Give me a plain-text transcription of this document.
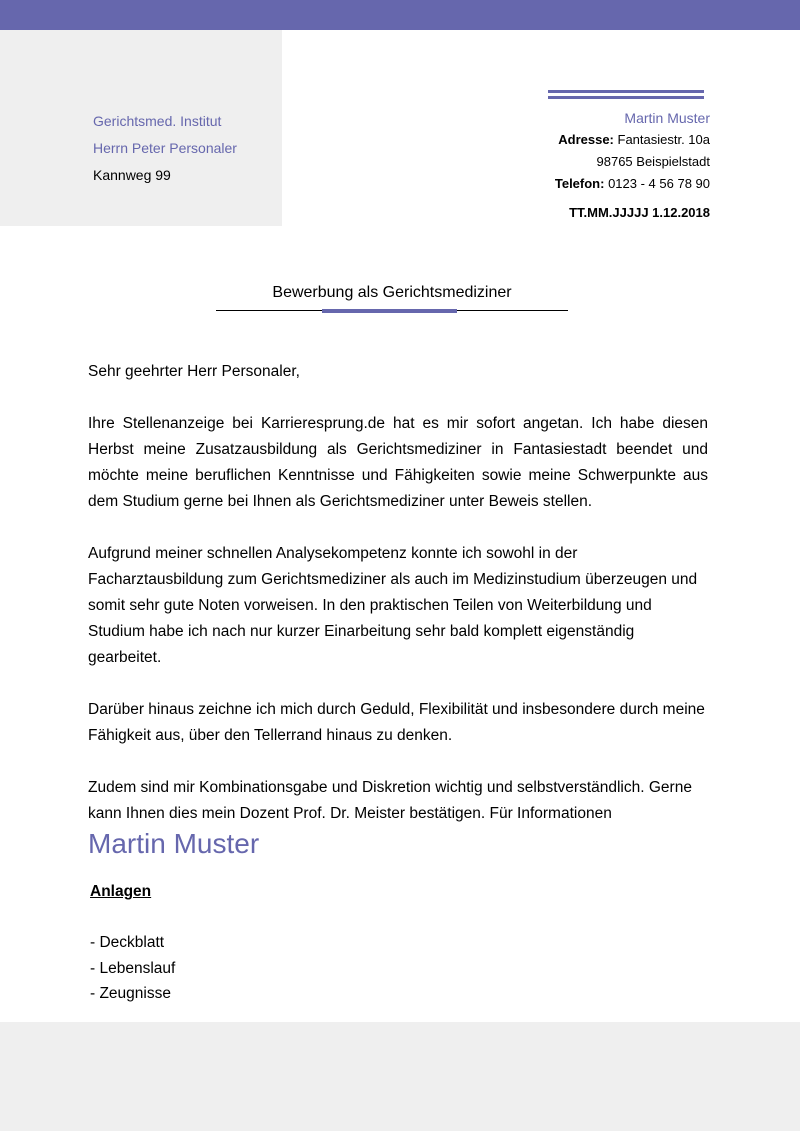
Gerichtsmed. Institut
Herrn Peter Personaler
Kannweg 99
Martin Muster
Adresse: Fantasiestr. 10a
98765 Beispielstadt
Telefon: 0123 - 4 56 78 90
TT.MM.JJJJJ 1.12.2018
Bewerbung als Gerichtsmediziner

Sehr geehrter Herr Personaler,

Ihre Stellenanzeige bei Karrieresprung.de hat es mir sofort angetan. Ich habe diesen Herbst meine Zusatzausbildung als Gerichtsmediziner in Fantasiestadt beendet und möchte meine beruflichen Kenntnisse und Fähigkeiten sowie meine Schwerpunkte aus dem Studium gerne bei Ihnen als Gerichtsmediziner unter Beweis stellen.

Aufgrund meiner schnellen Analysekompetenz konnte ich sowohl in der Facharztausbildung zum Gerichtsmediziner als auch im Medizinstudium überzeugen und somit sehr gute Noten vorweisen. In den praktischen Teilen von Weiterbildung und Studium habe ich nach nur kurzer Einarbeitung sehr bald komplett eigenständig gearbeitet.

Darüber hinaus zeichne ich mich durch Geduld, Flexibilität und insbesondere durch meine Fähigkeit aus, über den Tellerrand hinaus zu denken.

Zudem sind mir Kombinationsgabe und Diskretion wichtig und selbstverständlich. Gerne kann Ihnen dies mein Dozent Prof. Dr. Meister bestätigen. Für Informationen

Martin Muster
Anlagen
- Deckblatt
- Lebenslauf
- Zeugnisse
